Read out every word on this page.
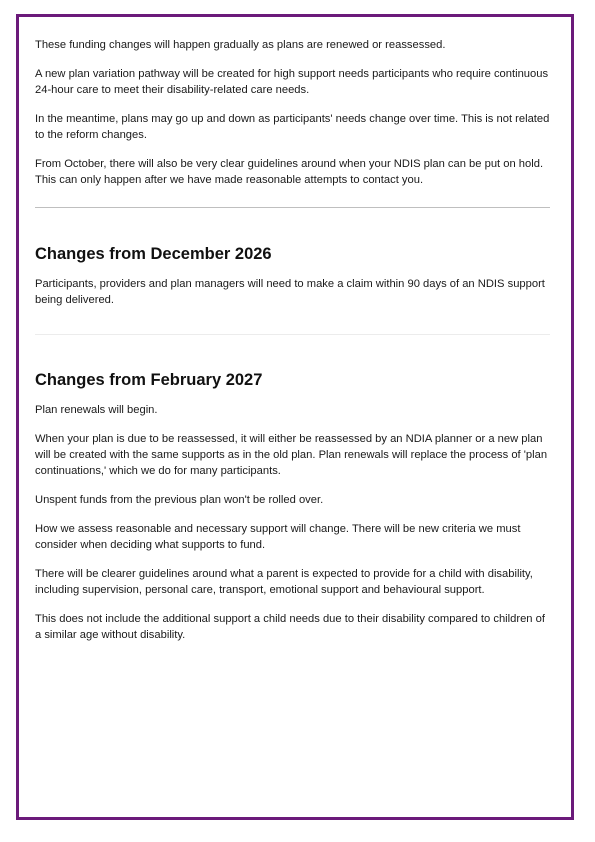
These funding changes will happen gradually as plans are renewed or reassessed.

A new plan variation pathway will be created for high support needs participants who require continuous 24-hour care to meet their disability-related care needs.

In the meantime, plans may go up and down as participants' needs change over time. This is not related to the reform changes.

From October, there will also be very clear guidelines around when your NDIS plan can be put on hold. This can only happen after we have made reasonable attempts to contact you.

Changes from December 2026

Participants, providers and plan managers will need to make a claim within 90 days of an NDIS support being delivered.

Changes from February 2027

Plan renewals will begin.

When your plan is due to be reassessed, it will either be reassessed by an NDIA planner or a new plan will be created with the same supports as in the old plan. Plan renewals will replace the process of 'plan continuations,' which we do for many participants.

Unspent funds from the previous plan won't be rolled over.

How we assess reasonable and necessary support will change. There will be new criteria we must consider when deciding what supports to fund.

There will be clearer guidelines around what a parent is expected to provide for a child with disability, including supervision, personal care, transport, emotional support and behavioural support.

This does not include the additional support a child needs due to their disability compared to children of a similar age without disability.
